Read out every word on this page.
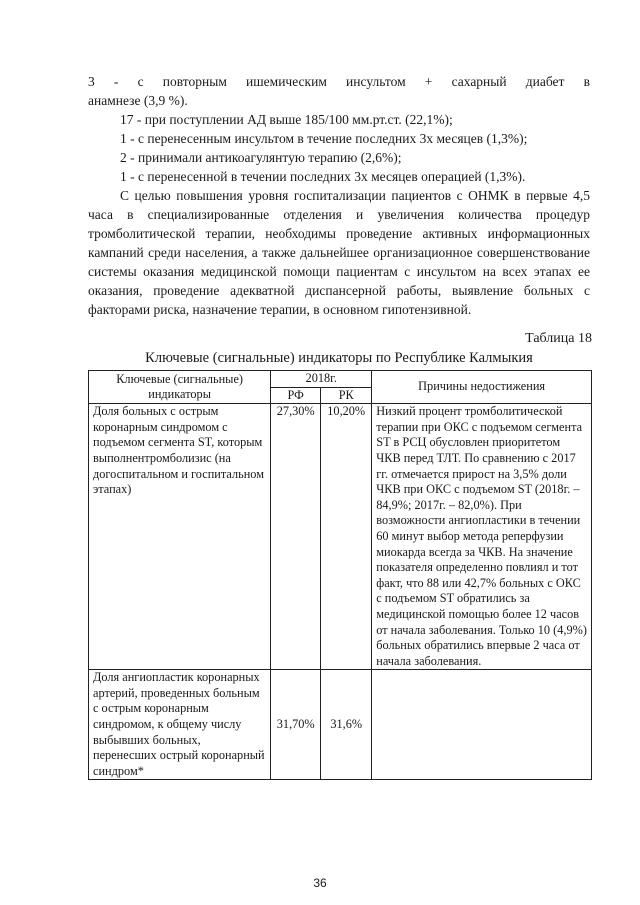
3 - с повторным ишемическим инсультом + сахарный диабет в

анамнезе (3,9 %).

17 - при поступлении АД выше 185/100 мм.рт.ст. (22,1%);
1 - с перенесенным инсультом в течение последних 3х месяцев (1,3%);
2 - принимали антикоагулянтую терапию (2,6%);
1 - с перенесенной в течении последних 3х месяцев операцией (1,3%).

С целью повышения уровня госпитализации пациентов с ОНМК в первые 4,5 часа в специализированные отделения и увеличения количества процедур тромболитической терапии, необходимы проведение активных информационных кампаний среди населения, а также дальнейшее организационное совершенствование системы оказания медицинской помощи пациентам с инсультом на всех этапах ее оказания, проведение адекватной диспансерной работы, выявление больных с факторами риска, назначение терапии, в основном гипотензивной.

Таблица 18
Ключевые (сигнальные) индикаторы по Республике Калмыкия
Ключевые (сигнальные) индикаторы	2018г.		Причины недостижения
	РФ	РК	
Доля больных с острым коронарным синдромом с подъемом сегмента ST, которым выполнентромболизис (на догоспитальном и госпитальном этапах)	27,30%	10,20%	Низкий процент тромболитической терапии при ОКС с подъемом сегмента ST в РСЦ обусловлен приоритетом ЧКВ перед ТЛТ. По сравнению с 2017 гг. отмечается прирост на 3,5% доли ЧКВ при ОКС с подъемом ST (2018г. – 84,9%; 2017г. – 82,0%). При возможности ангиопластики в течении 60 минут выбор метода реперфузии миокарда всегда за ЧКВ. На значение показателя определенно повлиял и тот факт, что 88 или 42,7% больных с ОКС с подъемом ST обратились за медицинской помощью более 12 часов от начала заболевания. Только 10 (4,9%) больных обратились впервые 2 часа от начала заболевания.
Доля ангиопластик коронарных артерий, проведенных больным с острым коронарным синдромом, к общему числу выбывших больных, перенесших острый коронарный синдром*	31,70%	31,6%	
36
